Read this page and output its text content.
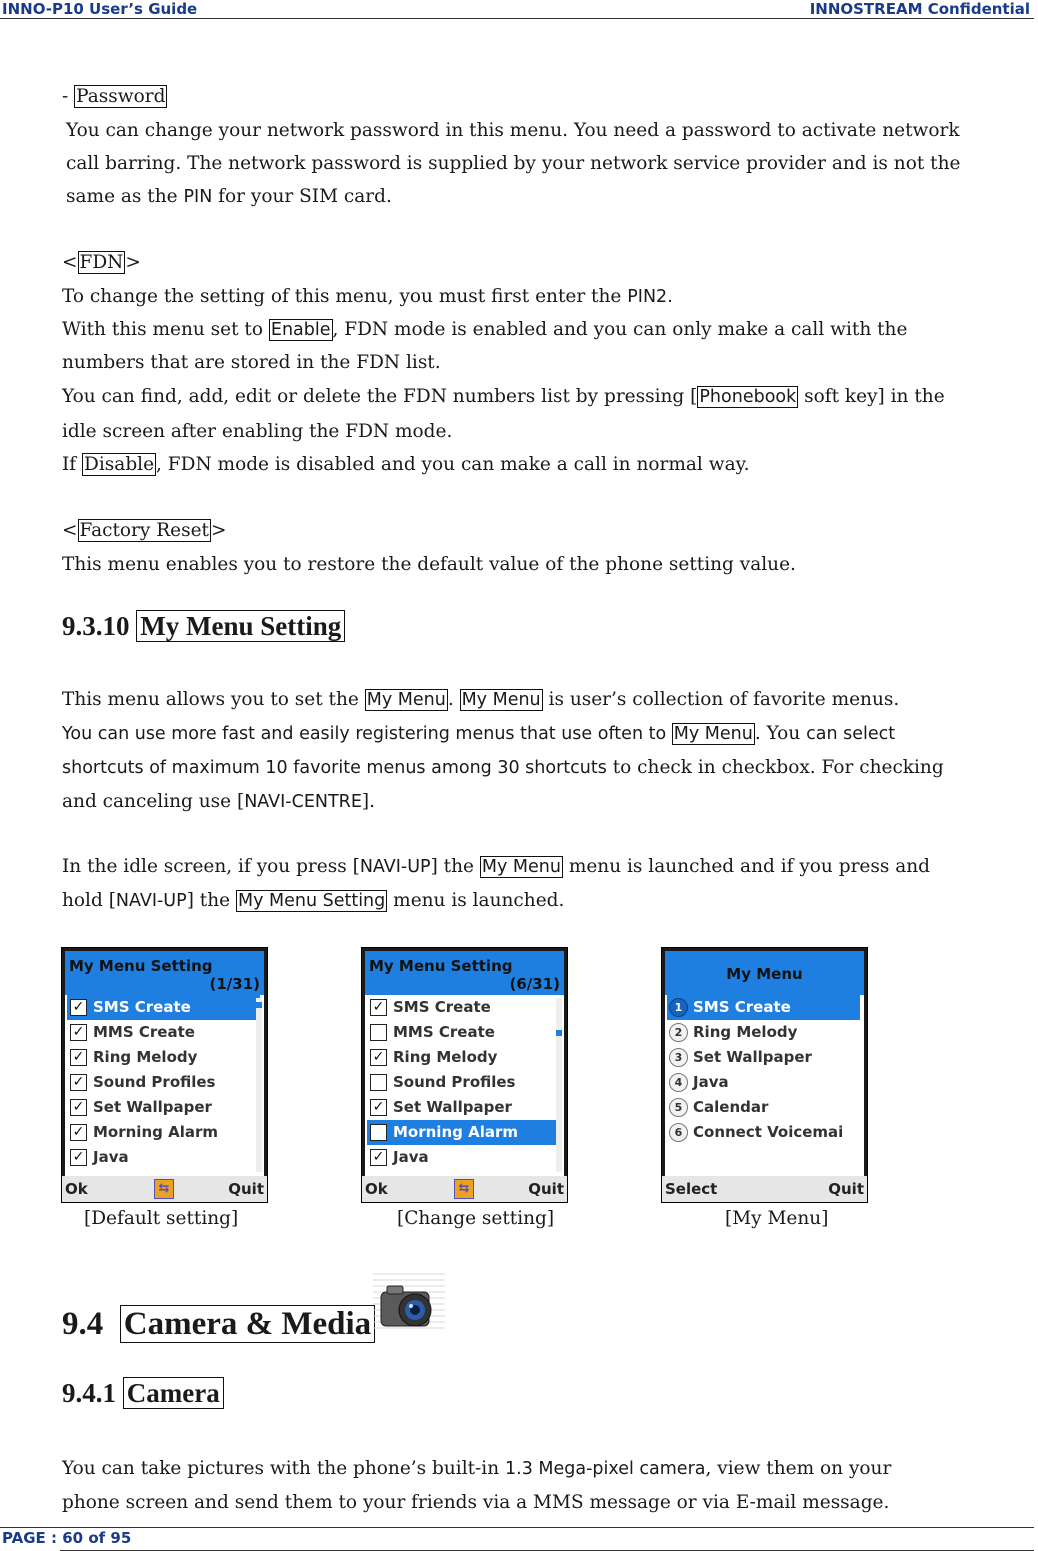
INNO-P10 User’s Guide	INNOSTREAM Confidential
- Password
You can change your network password in this menu. You need a password to activate network
call barring. The network password is supplied by your network service provider and is not the
same as the PIN for your SIM card.
< FDN >
To change the setting of this menu, you must first enter the PIN2.
With this menu set to Enable , FDN mode is enabled and you can only make a call with the
numbers that are stored in the FDN list.
You can find, add, edit or delete the FDN numbers list by pressing [ Phonebook soft key] in the
idle screen after enabling the FDN mode.
If Disable , FDN mode is disabled and you can make a call in normal way.
< Factory Reset >
This menu enables you to restore the default value of the phone setting value.
9.3.10 My Menu Setting
This menu allows you to set the My Menu . My Menu is user’s collection of favorite menus.
You can use more fast and easily registering menus that use often to My Menu . You can select
shortcuts of maximum 10 favorite menus among 30 shortcuts to check in checkbox. For checking
and canceling use [NAVI-CENTRE].
In the idle screen, if you press [NAVI-UP] the My Menu menu is launched and if you press and
hold [NAVI-UP] the My Menu Setting menu is launched.
My Menu Setting
(1/31)
✓ SMS Create
✓ MMS Create
✓ Ring Melody
✓ Sound Profiles
✓ Set Wallpaper
✓ Morning Alarm
✓ Java
Ok	⇆	Quit
[Default setting]
My Menu Setting
(6/31)
✓ SMS Create
MMS Create
✓ Ring Melody
Sound Profiles
✓ Set Wallpaper
Morning Alarm
✓ Java
Ok	⇆	Quit
[Change setting]
My Menu
1 SMS Create
2 Ring Melody
3 Set Wallpaper
4 Java
5 Calendar
6 Connect Voicemai
Select	Quit
[My Menu]
9.4  Camera & Media
9.4.1 Camera
You can take pictures with the phone’s built-in 1.3 Mega-pixel camera, view them on your
phone screen and send them to your friends via a MMS message or via E-mail message.
PAGE : 60 of 95
